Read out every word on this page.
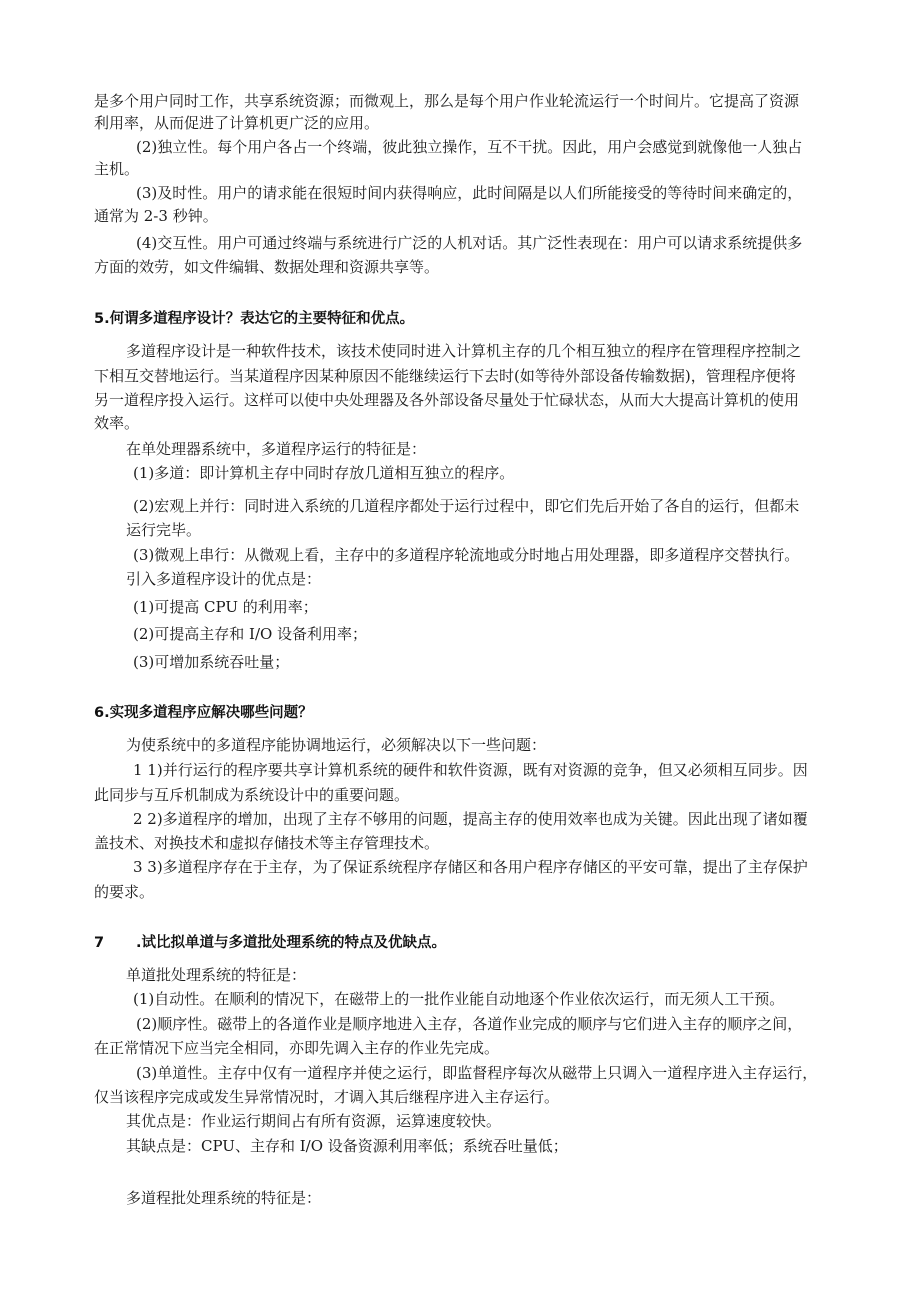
是多个用户同时工作，共享系统资源；而微观上，那么是每个用户作业轮流运行一个时间片。它提高了资源
利用率，从而促进了计算机更广泛的应用。
(2)独立性。每个用户各占一个终端，彼此独立操作，互不干扰。因此，用户会感觉到就像他一人独占
主机。
(3)及时性。用户的请求能在很短时间内获得响应，此时间隔是以人们所能接受的等待时间来确定的，
通常为 2-3 秒钟。
(4)交互性。用户可通过终端与系统进行广泛的人机对话。其广泛性表现在：用户可以请求系统提供多
方面的效劳，如文件编辑、数据处理和资源共享等。
5.何谓多道程序设计？表达它的主要特征和优点。
多道程序设计是一种软件技术，该技术使同时进入计算机主存的几个相互独立的程序在管理程序控制之
下相互交替地运行。当某道程序因某种原因不能继续运行下去时(如等待外部设备传输数据)，管理程序便将
另一道程序投入运行。这样可以使中央处理器及各外部设备尽量处于忙碌状态，从而大大提高计算机的使用
效率。
在单处理器系统中，多道程序运行的特征是：
(1)多道：即计算机主存中同时存放几道相互独立的程序。
(2)宏观上并行：同时进入系统的几道程序都处于运行过程中，即它们先后开始了各自的运行，但都未
运行完毕。
(3)微观上串行：从微观上看，主存中的多道程序轮流地或分时地占用处理器，即多道程序交替执行。
引入多道程序设计的优点是：
(1)可提高 CPU 的利用率；
(2)可提高主存和 I/O 设备利用率；
(3)可增加系统吞吐量；
6.实现多道程序应解决哪些问题？
为使系统中的多道程序能协调地运行，必须解决以下一些问题：
1 1)并行运行的程序要共享计算机系统的硬件和软件资源，既有对资源的竞争，但又必须相互同步。因
此同步与互斥机制成为系统设计中的重要问题。
2 2)多道程序的增加，出现了主存不够用的问题，提高主存的使用效率也成为关键。因此出现了诸如覆
盖技术、对换技术和虚拟存储技术等主存管理技术。
3 3)多道程序存在于主存，为了保证系统程序存储区和各用户程序存储区的平安可靠，提出了主存保护
的要求。
7 .试比拟单道与多道批处理系统的特点及优缺点。
单道批处理系统的特征是：
(1)自动性。在顺利的情况下，在磁带上的一批作业能自动地逐个作业依次运行，而无须人工干预。
(2)顺序性。磁带上的各道作业是顺序地进入主存，各道作业完成的顺序与它们进入主存的顺序之间，
在正常情况下应当完全相同，亦即先调入主存的作业先完成。
(3)单道性。主存中仅有一道程序并使之运行，即监督程序每次从磁带上只调入一道程序进入主存运行，
仅当该程序完成或发生异常情况时，才调入其后继程序进入主存运行。
其优点是：作业运行期间占有所有资源，运算速度较快。
其缺点是：CPU、主存和 I/O 设备资源利用率低；系统吞吐量低；
多道程批处理系统的特征是：
